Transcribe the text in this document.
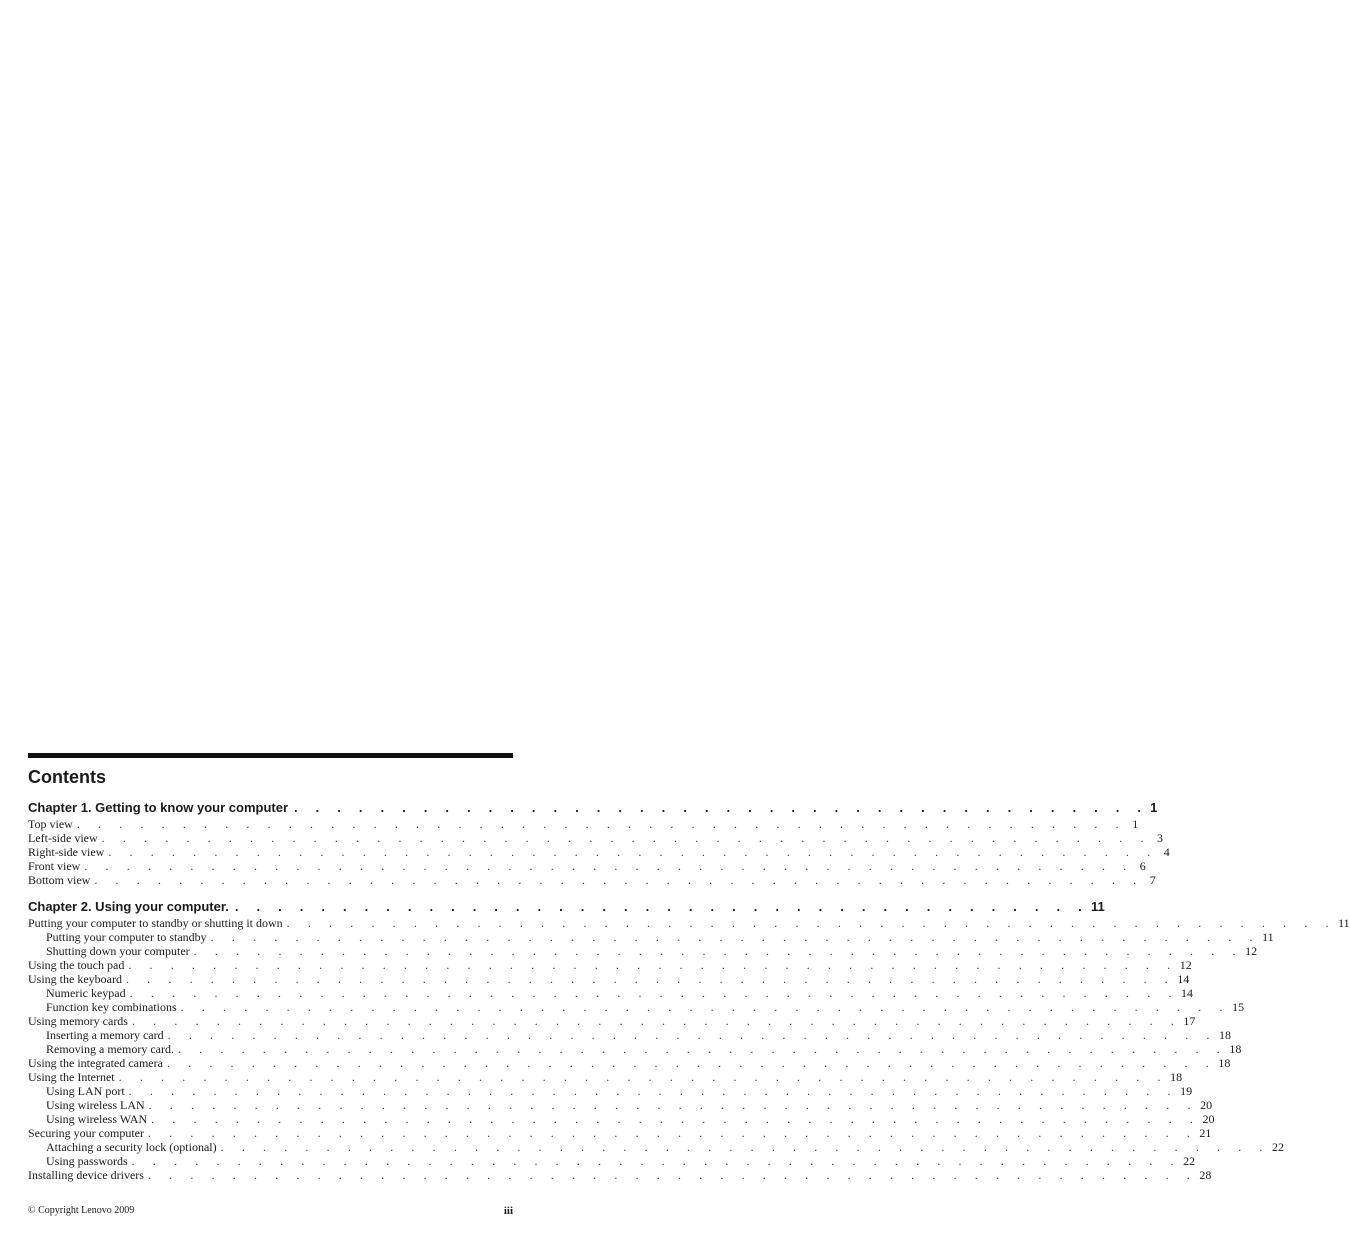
Contents
Chapter 1. Getting to know your computer . . . . . . . . . . . . . . . . . . . . . . . . . . . . . . . . . . . . . . . . 1
Top view . . . . . . . . . . . . . . . . . . . . . . . . . . . . . . . . . . . . . . . . . . . . . . . . . . 1
Left-side view . . . . . . . . . . . . . . . . . . . . . . . . . . . . . . . . . . . . . . . . . . . . . . . . . . 3
Right-side view . . . . . . . . . . . . . . . . . . . . . . . . . . . . . . . . . . . . . . . . . . . . . . . . . . 4
Front view . . . . . . . . . . . . . . . . . . . . . . . . . . . . . . . . . . . . . . . . . . . . . . . . . . 6
Bottom view . . . . . . . . . . . . . . . . . . . . . . . . . . . . . . . . . . . . . . . . . . . . . . . . . . 7
Chapter 2. Using your computer. . . . . . . . . . . . . . . . . . . . . . . . . . . . . . . . . . . . . . . . . 11
Putting your computer to standby or shutting it down . . . . . . . . . . . . . . . . . . . . . . . . . . . . . . . . . . . . . . . . . . . . . . . . . . 11
Putting your computer to standby . . . . . . . . . . . . . . . . . . . . . . . . . . . . . . . . . . . . . . . . . . . . . . . . . . 11
Shutting down your computer . . . . . . . . . . . . . . . . . . . . . . . . . . . . . . . . . . . . . . . . . . . . . . . . . . 12
Using the touch pad . . . . . . . . . . . . . . . . . . . . . . . . . . . . . . . . . . . . . . . . . . . . . . . . . . 12
Using the keyboard . . . . . . . . . . . . . . . . . . . . . . . . . . . . . . . . . . . . . . . . . . . . . . . . . . 14
Numeric keypad . . . . . . . . . . . . . . . . . . . . . . . . . . . . . . . . . . . . . . . . . . . . . . . . . . 14
Function key combinations . . . . . . . . . . . . . . . . . . . . . . . . . . . . . . . . . . . . . . . . . . . . . . . . . . 15
Using memory cards . . . . . . . . . . . . . . . . . . . . . . . . . . . . . . . . . . . . . . . . . . . . . . . . . . 17
Inserting a memory card . . . . . . . . . . . . . . . . . . . . . . . . . . . . . . . . . . . . . . . . . . . . . . . . . . 18
Removing a memory card. . . . . . . . . . . . . . . . . . . . . . . . . . . . . . . . . . . . . . . . . . . . . . . . . . . 18
Using the integrated camera . . . . . . . . . . . . . . . . . . . . . . . . . . . . . . . . . . . . . . . . . . . . . . . . . . 18
Using the Internet . . . . . . . . . . . . . . . . . . . . . . . . . . . . . . . . . . . . . . . . . . . . . . . . . . 18
Using LAN port . . . . . . . . . . . . . . . . . . . . . . . . . . . . . . . . . . . . . . . . . . . . . . . . . . 19
Using wireless LAN . . . . . . . . . . . . . . . . . . . . . . . . . . . . . . . . . . . . . . . . . . . . . . . . . . 20
Using wireless WAN . . . . . . . . . . . . . . . . . . . . . . . . . . . . . . . . . . . . . . . . . . . . . . . . . . 20
Securing your computer . . . . . . . . . . . . . . . . . . . . . . . . . . . . . . . . . . . . . . . . . . . . . . . . . . 21
Attaching a security lock (optional) . . . . . . . . . . . . . . . . . . . . . . . . . . . . . . . . . . . . . . . . . . . . . . . . . . 22
Using passwords . . . . . . . . . . . . . . . . . . . . . . . . . . . . . . . . . . . . . . . . . . . . . . . . . . 22
Installing device drivers . . . . . . . . . . . . . . . . . . . . . . . . . . . . . . . . . . . . . . . . . . . . . . . . . . 28
© Copyright Lenovo 2009	iii
